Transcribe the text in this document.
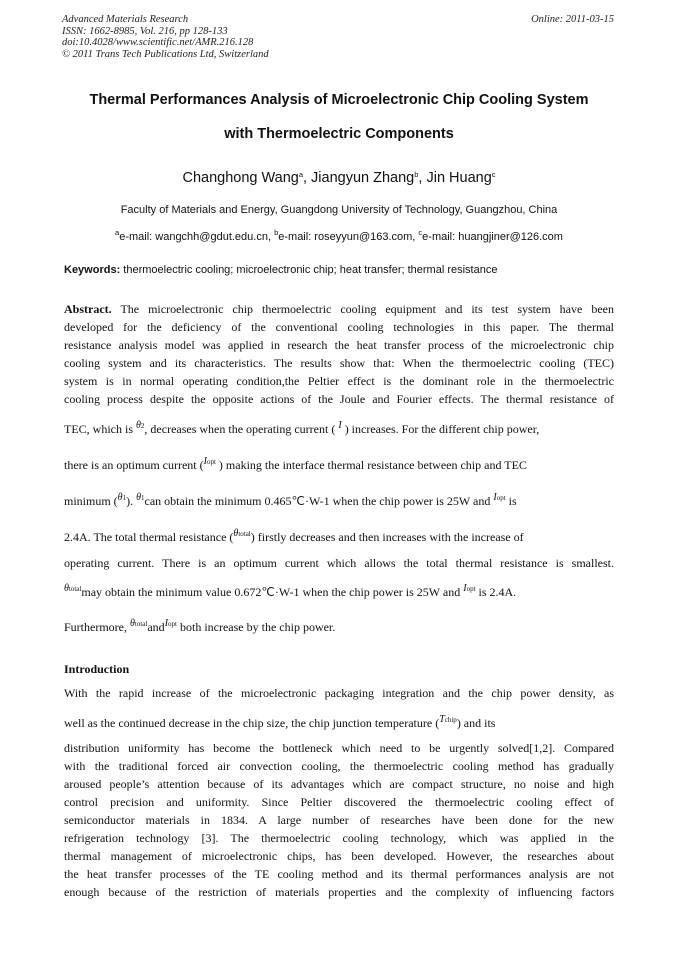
Advanced Materials Research
ISSN: 1662-8985, Vol. 216, pp 128-133
doi:10.4028/www.scientific.net/AMR.216.128
© 2011 Trans Tech Publications Ltd, Switzerland
Online: 2011-03-15
Thermal Performances Analysis of Microelectronic Chip Cooling System
with Thermoelectric Components
Changhong Wang$^a$, Jiangyun Zhang$^b$, Jin Huang$^c$
Faculty of Materials and Energy, Guangdong University of Technology, Guangzhou, China
$^a$e-mail: wangchh@gdut.edu.cn, $^b$e-mail: roseyyun@163.com, $^c$e-mail: huangjiner@126.com
Keywords: thermoelectric cooling; microelectronic chip; heat transfer; thermal resistance
Abstract. The microelectronic chip thermoelectric cooling equipment and its test system have been
developed for the deficiency of the conventional cooling technologies in this paper. The thermal
resistance analysis model was applied in research the heat transfer process of the microelectronic chip
cooling system and its characteristics. The results show that: When the thermoelectric cooling (TEC)
system is in normal operating condition,the Peltier effect is the dominant role in the thermoelectric
cooling process despite the opposite actions of the Joule and Fourier effects. The thermal resistance of
TEC, which is $^{\theta 2}$, decreases when the operating current ( $^I$ ) increases. For the different chip power,
there is an optimum current ($^{Iopt}$ ) making the interface thermal resistance between chip and TEC
minimum ($^{\theta 1}$). $^{\theta 1}$can obtain the minimum 0.465℃·W-1 when the chip power is 25W and $^{Iopt}$ is
2.4A. The total thermal resistance ($^{\theta total}$) firstly decreases and then increases with the increase of
operating current. There is an optimum current which allows the total thermal resistance is smallest.
$^{\theta total}$may obtain the minimum value 0.672℃·W-1 when the chip power is 25W and $^{Iopt}$ is 2.4A.
Furthermore, $^{\theta total}$and$^{Iopt}$ both increase by the chip power.
Introduction
With the rapid increase of the microelectronic packaging integration and the chip power density, as
well as the continued decrease in the chip size, the chip junction temperature ($^{Tchip}$) and its
distribution uniformity has become the bottleneck which need to be urgently solved[1,2]. Compared
with the traditional forced air convection cooling, the thermoelectric cooling method has gradually
aroused people’s attention because of its advantages which are compact structure, no noise and high
control precision and uniformity. Since Peltier discovered the thermoelectric cooling effect of
semiconductor materials in 1834. A large number of researches have been done for the new
refrigeration technology [3]. The thermoelectric cooling technology, which was applied in the
thermal management of microelectronic chips, has been developed. However, the researches about
the heat transfer processes of the TE cooling method and its thermal performances analysis are not
enough because of the restriction of materials properties and the complexity of influencing factors
